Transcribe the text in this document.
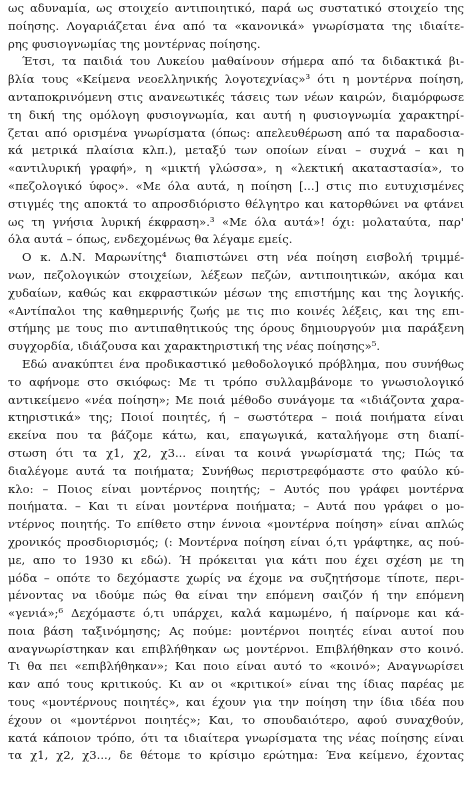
ως αδυναμία, ως στοιχείο αντιποιητικό, παρά ως συστατικό στοιχείο της
ποίησης. Λογαριάζεται ένα από τα «κανονικά» γνωρίσματα της ιδιαίτε-
ρης φυσιογνωμίας της μοντέρνας ποίησης.
Έτσι, τα παιδιά του Λυκείου μαθαίνουν σήμερα από τα διδακτικά βι-
βλία τους «Κείμενα νεοελληνικής λογοτεχνίας»³ ότι η μοντέρνα ποίηση,
ανταποκρινόμενη στις ανανεωτικές τάσεις των νέων καιρών, διαμόρφωσε
τη δική της ομόλογη φυσιογνωμία, και αυτή η φυσιογνωμία χαρακτηρί-
ζεται από ορισμένα γνωρίσματα (όπως: απελευθέρωση από τα παραδοσια-
κά μετρικά πλαίσια κλπ.), μεταξύ των οποίων είναι – συχνά – και η
«αντιλυρική γραφή», η «μικτή γλώσσα», η «λεκτική ακαταστασία», το
«πεζολογικό ύφος». «Με όλα αυτά, η ποίηση [...] στις πιο ευτυχισμένες
στιγμές της αποκτά το απροσδιόριστο θέλγητρο και κατορθώνει να φτάνει
ως τη γνήσια λυρική έκφραση».³ «Με όλα αυτά»! όχι: μολαταύτα, παρ'
όλα αυτά – όπως, ενδεχομένως θα λέγαμε εμείς.
Ο κ. Δ.Ν. Μαρωνίτης⁴ διαπιστώνει στη νέα ποίηση εισβολή τριμμέ-
νων, πεζολογικών στοιχείων, λέξεων πεζών, αντιποιητικών, ακόμα και
χυδαίων, καθώς και εκφραστικών μέσων της επιστήμης και της λογικής.
«Αντίπαλοι της καθημερινής ζωής με τις πιο κοινές λέξεις, και της επι-
στήμης με τους πιο αντιπαθητικούς της όρους δημιουργούν μια παράξενη
συγχορδία, ιδιάζουσα και χαρακτηριστική της νέας ποίησης»⁵.
Εδώ ανακύπτει ένα προδικαστικό μεθοδολογικό πρόβλημα, που συνήθως
το αφήνομε στο σκιόφως: Με τι τρόπο συλλαμβάνομε το γνωσιολογικό
αντικείμενο «νέα ποίηση»; Με ποιά μέθοδο συνάγομε τα «ιδιάζοντα χαρα-
κτηριστικά» της; Ποιοί ποιητές, ή – σωστότερα – ποιά ποιήματα είναι
εκείνα που τα βάζομε κάτω, και, επαγωγικά, καταλήγομε στη διαπί-
στωση ότι τα χ1, χ2, χ3... είναι τα κοινά γνωρίσματά της; Πώς τα
διαλέγομε αυτά τα ποιήματα; Συνήθως περιστρεφόμαστε στο φαύλο κύ-
κλο: – Ποιος είναι μοντέρνος ποιητής; – Αυτός που γράφει μοντέρνα
ποιήματα. – Και τι είναι μοντέρνα ποιήματα; – Αυτά που γράφει ο μο-
ντέρνος ποιητής. Το επίθετο στην έννοια «μοντέρνα ποίηση» είναι απλώς
χρονικός προσδιορισμός; (: Μοντέρνα ποίηση είναι ό,τι γράφτηκε, ας πού-
με, απο το 1930 κι εδώ). Ή πρόκειται για κάτι που έχει σχέση με τη
μόδα – οπότε το δεχόμαστε χωρίς να έχομε να συζητήσομε τίποτε, περι-
μένοντας να ιδούμε πώς θα είναι την επόμενη σαιζόν ή την επόμενη
«γενιά»;⁶ Δεχόμαστε ό,τι υπάρχει, καλά καμωμένο, ή παίρνομε και κά-
ποια βάση ταξινόμησης; Ας πούμε: μοντέρνοι ποιητές είναι αυτοί που
αναγνωρίστηκαν και επιβλήθηκαν ως μοντέρνοι. Επιβλήθηκαν στο κοινό.
Τι θα πει «επιβλήθηκαν»; Και ποιο είναι αυτό το «κοινό»; Αναγνωρίσει
καν από τους κριτικούς. Κι αν οι «κριτικοί» είναι της ίδιας παρέας με
τους «μοντέρνους ποιητές», και έχουν για την ποίηση την ίδια ιδέα που
έχουν οι «μοντέρνοι ποιητές»; Και, το σπουδαιότερο, αφού συναχθούν,
κατά κάποιον τρόπο, ότι τα ιδιαίτερα γνωρίσματα της νέας ποίησης είναι
τα χ1, χ2, χ3..., δε θέτομε το κρίσιμο ερώτημα: Ένα κείμενο, έχοντας
